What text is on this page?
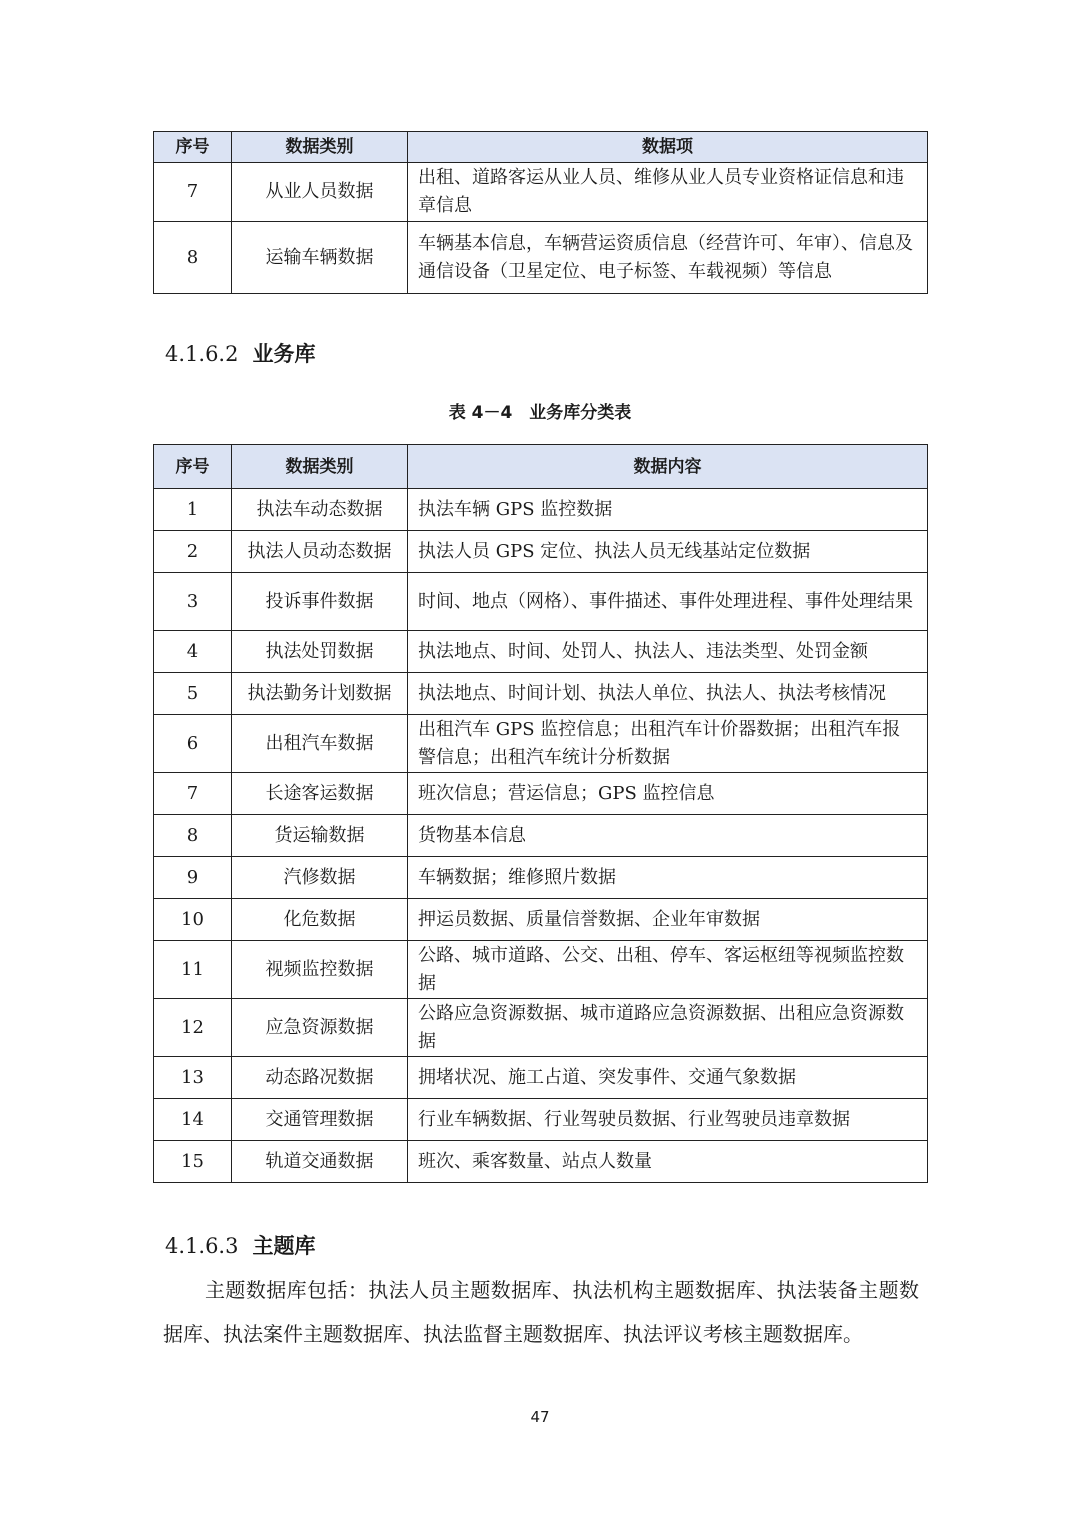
序号	数据类别	数据项
7	从业人员数据	出租、道路客运从业人员、维修从业人员专业资格证信息和违章信息
8	运输车辆数据	车辆基本信息，车辆营运资质信息（经营许可、年审）、信息及通信设备（卫星定位、电子标签、车载视频）等信息
4.1.6.2 业务库
表 4－4　业务库分类表
序号	数据类别	数据内容
1	执法车动态数据	执法车辆 GPS 监控数据
2	执法人员动态数据	执法人员 GPS 定位、执法人员无线基站定位数据
3	投诉事件数据	时间、地点（网格）、事件描述、事件处理进程、事件处理结果
4	执法处罚数据	执法地点、时间、处罚人、执法人、违法类型、处罚金额
5	执法勤务计划数据	执法地点、时间计划、执法人单位、执法人、执法考核情况
6	出租汽车数据	出租汽车 GPS 监控信息；出租汽车计价器数据；出租汽车报警信息；出租汽车统计分析数据
7	长途客运数据	班次信息；营运信息；GPS 监控信息
8	货运输数据	货物基本信息
9	汽修数据	车辆数据；维修照片数据
10	化危数据	押运员数据、质量信誉数据、企业年审数据
11	视频监控数据	公路、城市道路、公交、出租、停车、客运枢纽等视频监控数据
12	应急资源数据	公路应急资源数据、城市道路应急资源数据、出租应急资源数据
13	动态路况数据	拥堵状况、施工占道、突发事件、交通气象数据
14	交通管理数据	行业车辆数据、行业驾驶员数据、行业驾驶员违章数据
15	轨道交通数据	班次、乘客数量、站点人数量
4.1.6.3 主题库

主题数据库包括：执法人员主题数据库、执法机构主题数据库、执法装备主题数据库、执法案件主题数据库、执法监督主题数据库、执法评议考核主题数据库。

47
